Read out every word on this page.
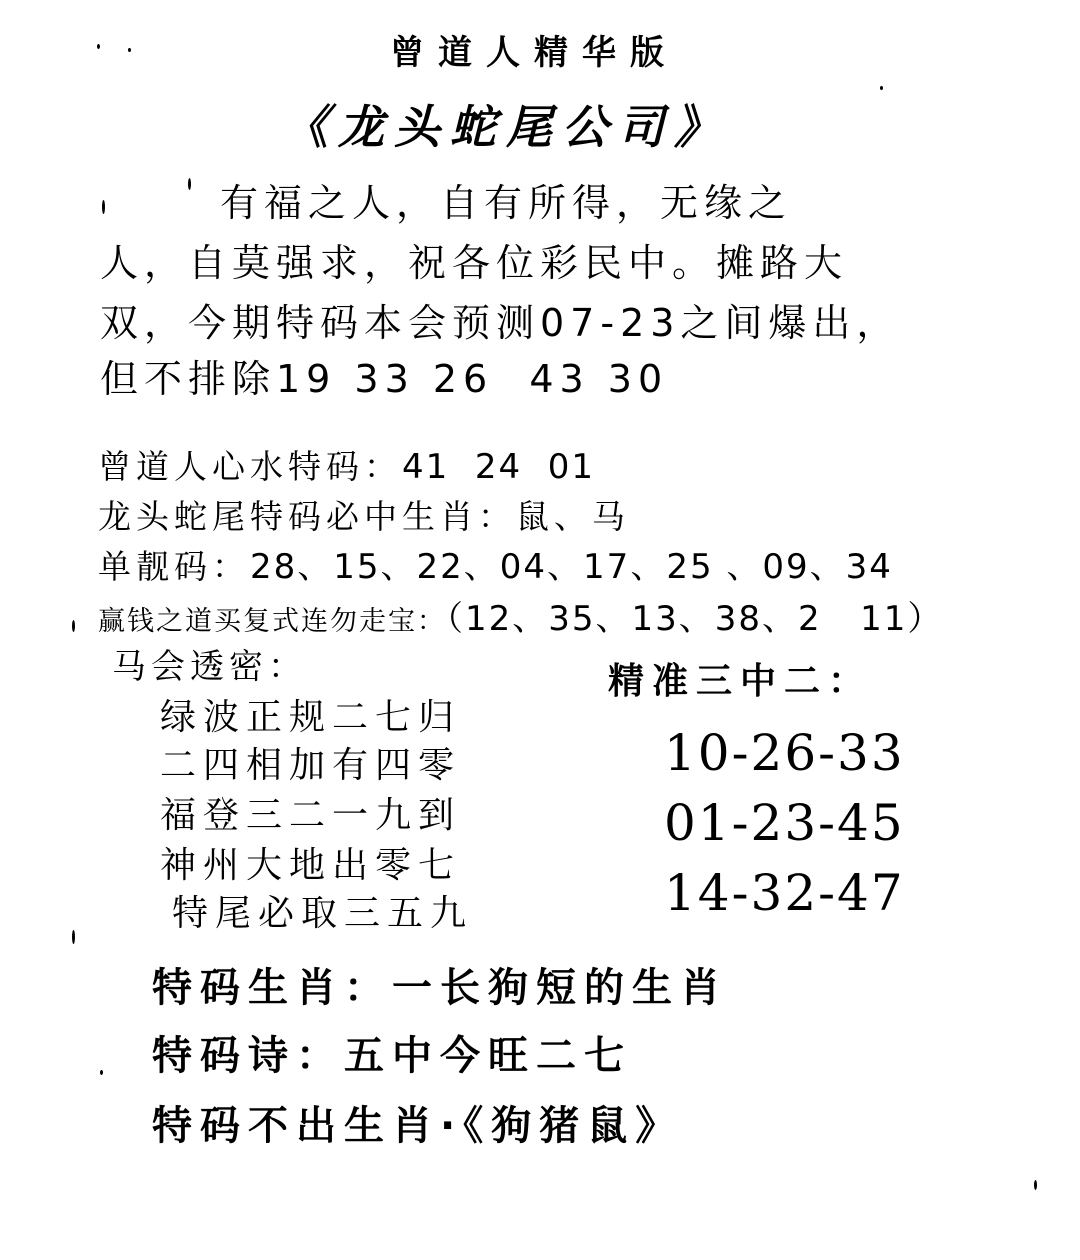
曾道人精华版
《龙头蛇尾公司》
有福之人，自有所得，无缘之
人，自莫强求，祝各位彩民中。摊路大
双，今期特码本会预测07-23之间爆出，
但不排除19 33 26  43 30
曾道人心水特码：41  24  01
龙头蛇尾特码必中生肖：鼠、马
单靓码：28、15、22、04、17、25 、09、34
赢钱之道买复式连勿走宝：（12、35、13、38、2   11）
马会透密：
绿波正规二七归
二四相加有四零
福登三二一九到
神州大地出零七
特尾必取三五九
精准三中二：
10-26-33
01-23-45
14-32-47
特码生肖：一长狗短的生肖
特码诗：五中今旺二七
特码不出生肖·《狗猪鼠》
